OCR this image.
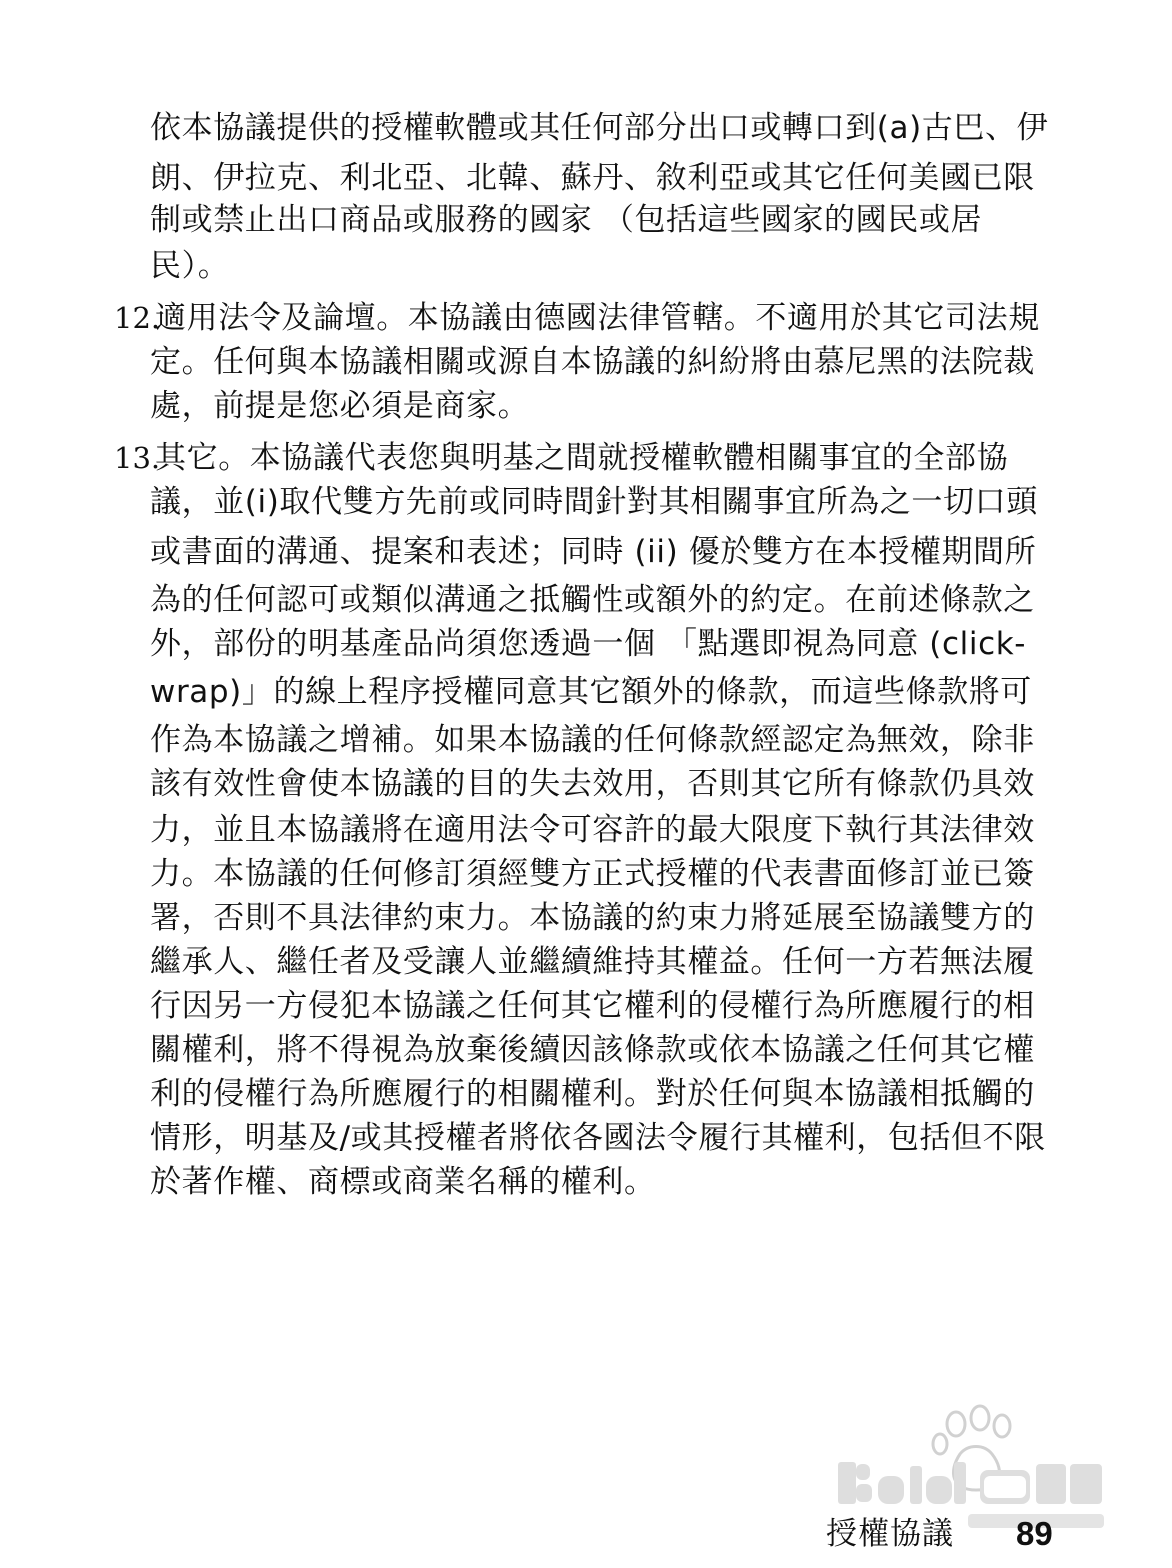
依本協議提供的授權軟體或其任何部分出口或轉口到(a)古巴、伊
朗、伊拉克、利北亞、北韓、蘇丹、敘利亞或其它任何美國已限
制或禁止出口商品或服務的國家 （包括這些國家的國民或居
民）。
12.
適用法令及論壇。本協議由德國法律管轄。不適用於其它司法規
定。任何與本協議相關或源自本協議的糾紛將由慕尼黑的法院裁
處，前提是您必須是商家。
13.
其它。本協議代表您與明基之間就授權軟體相關事宜的全部協
議，並(i)取代雙方先前或同時間針對其相關事宜所為之一切口頭
或書面的溝通、提案和表述；同時 (ii) 優於雙方在本授權期間所
為的任何認可或類似溝通之抵觸性或額外的約定。在前述條款之
外，部份的明基產品尚須您透過一個 「點選即視為同意 (click-
wrap)」的線上程序授權同意其它額外的條款，而這些條款將可
作為本協議之增補。如果本協議的任何條款經認定為無效，除非
該有效性會使本協議的目的失去效用，否則其它所有條款仍具效
力，並且本協議將在適用法令可容許的最大限度下執行其法律效
力。本協議的任何修訂須經雙方正式授權的代表書面修訂並已簽
署，否則不具法律約束力。本協議的約束力將延展至協議雙方的
繼承人、繼任者及受讓人並繼續維持其權益。任何一方若無法履
行因另一方侵犯本協議之任何其它權利的侵權行為所應履行的相
關權利，將不得視為放棄後續因該條款或依本協議之任何其它權
利的侵權行為所應履行的相關權利。對於任何與本協議相抵觸的
情形，明基及/或其授權者將依各國法令履行其權利，包括但不限
於著作權、商標或商業名稱的權利。
授權協議 89
